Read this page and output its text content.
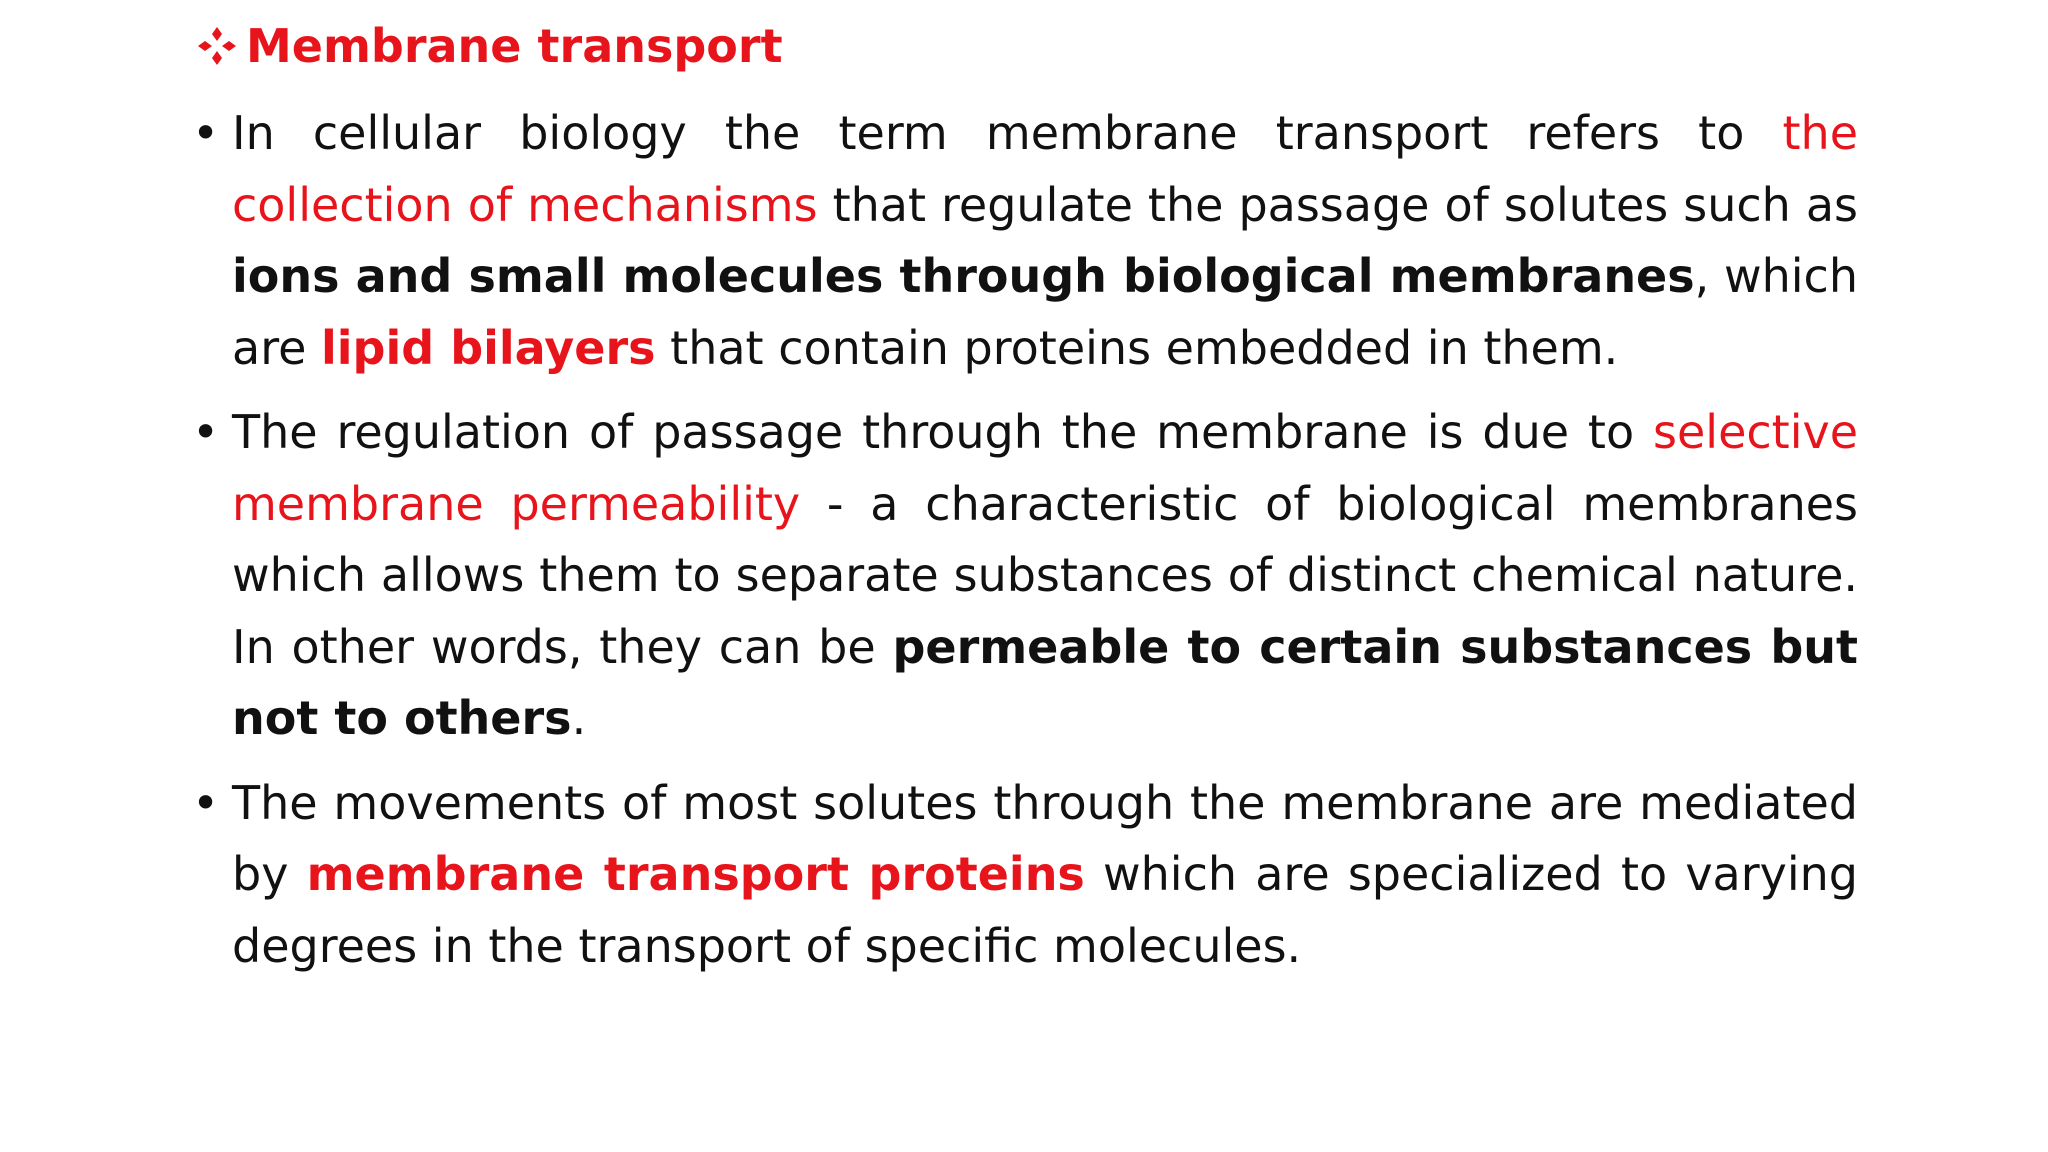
Membrane transport
• In cellular biology the term membrane transport refers to the collection of mechanisms that regulate the passage of solutes such as ions and small molecules through biological membranes, which are lipid bilayers that contain proteins embedded in them.
• The regulation of passage through the membrane is due to selective membrane permeability - a characteristic of biological membranes which allows them to separate substances of distinct chemical nature. In other words, they can be permeable to certain substances but not to others.
• The movements of most solutes through the membrane are mediated by membrane transport proteins which are specialized to varying degrees in the transport of specific molecules.
